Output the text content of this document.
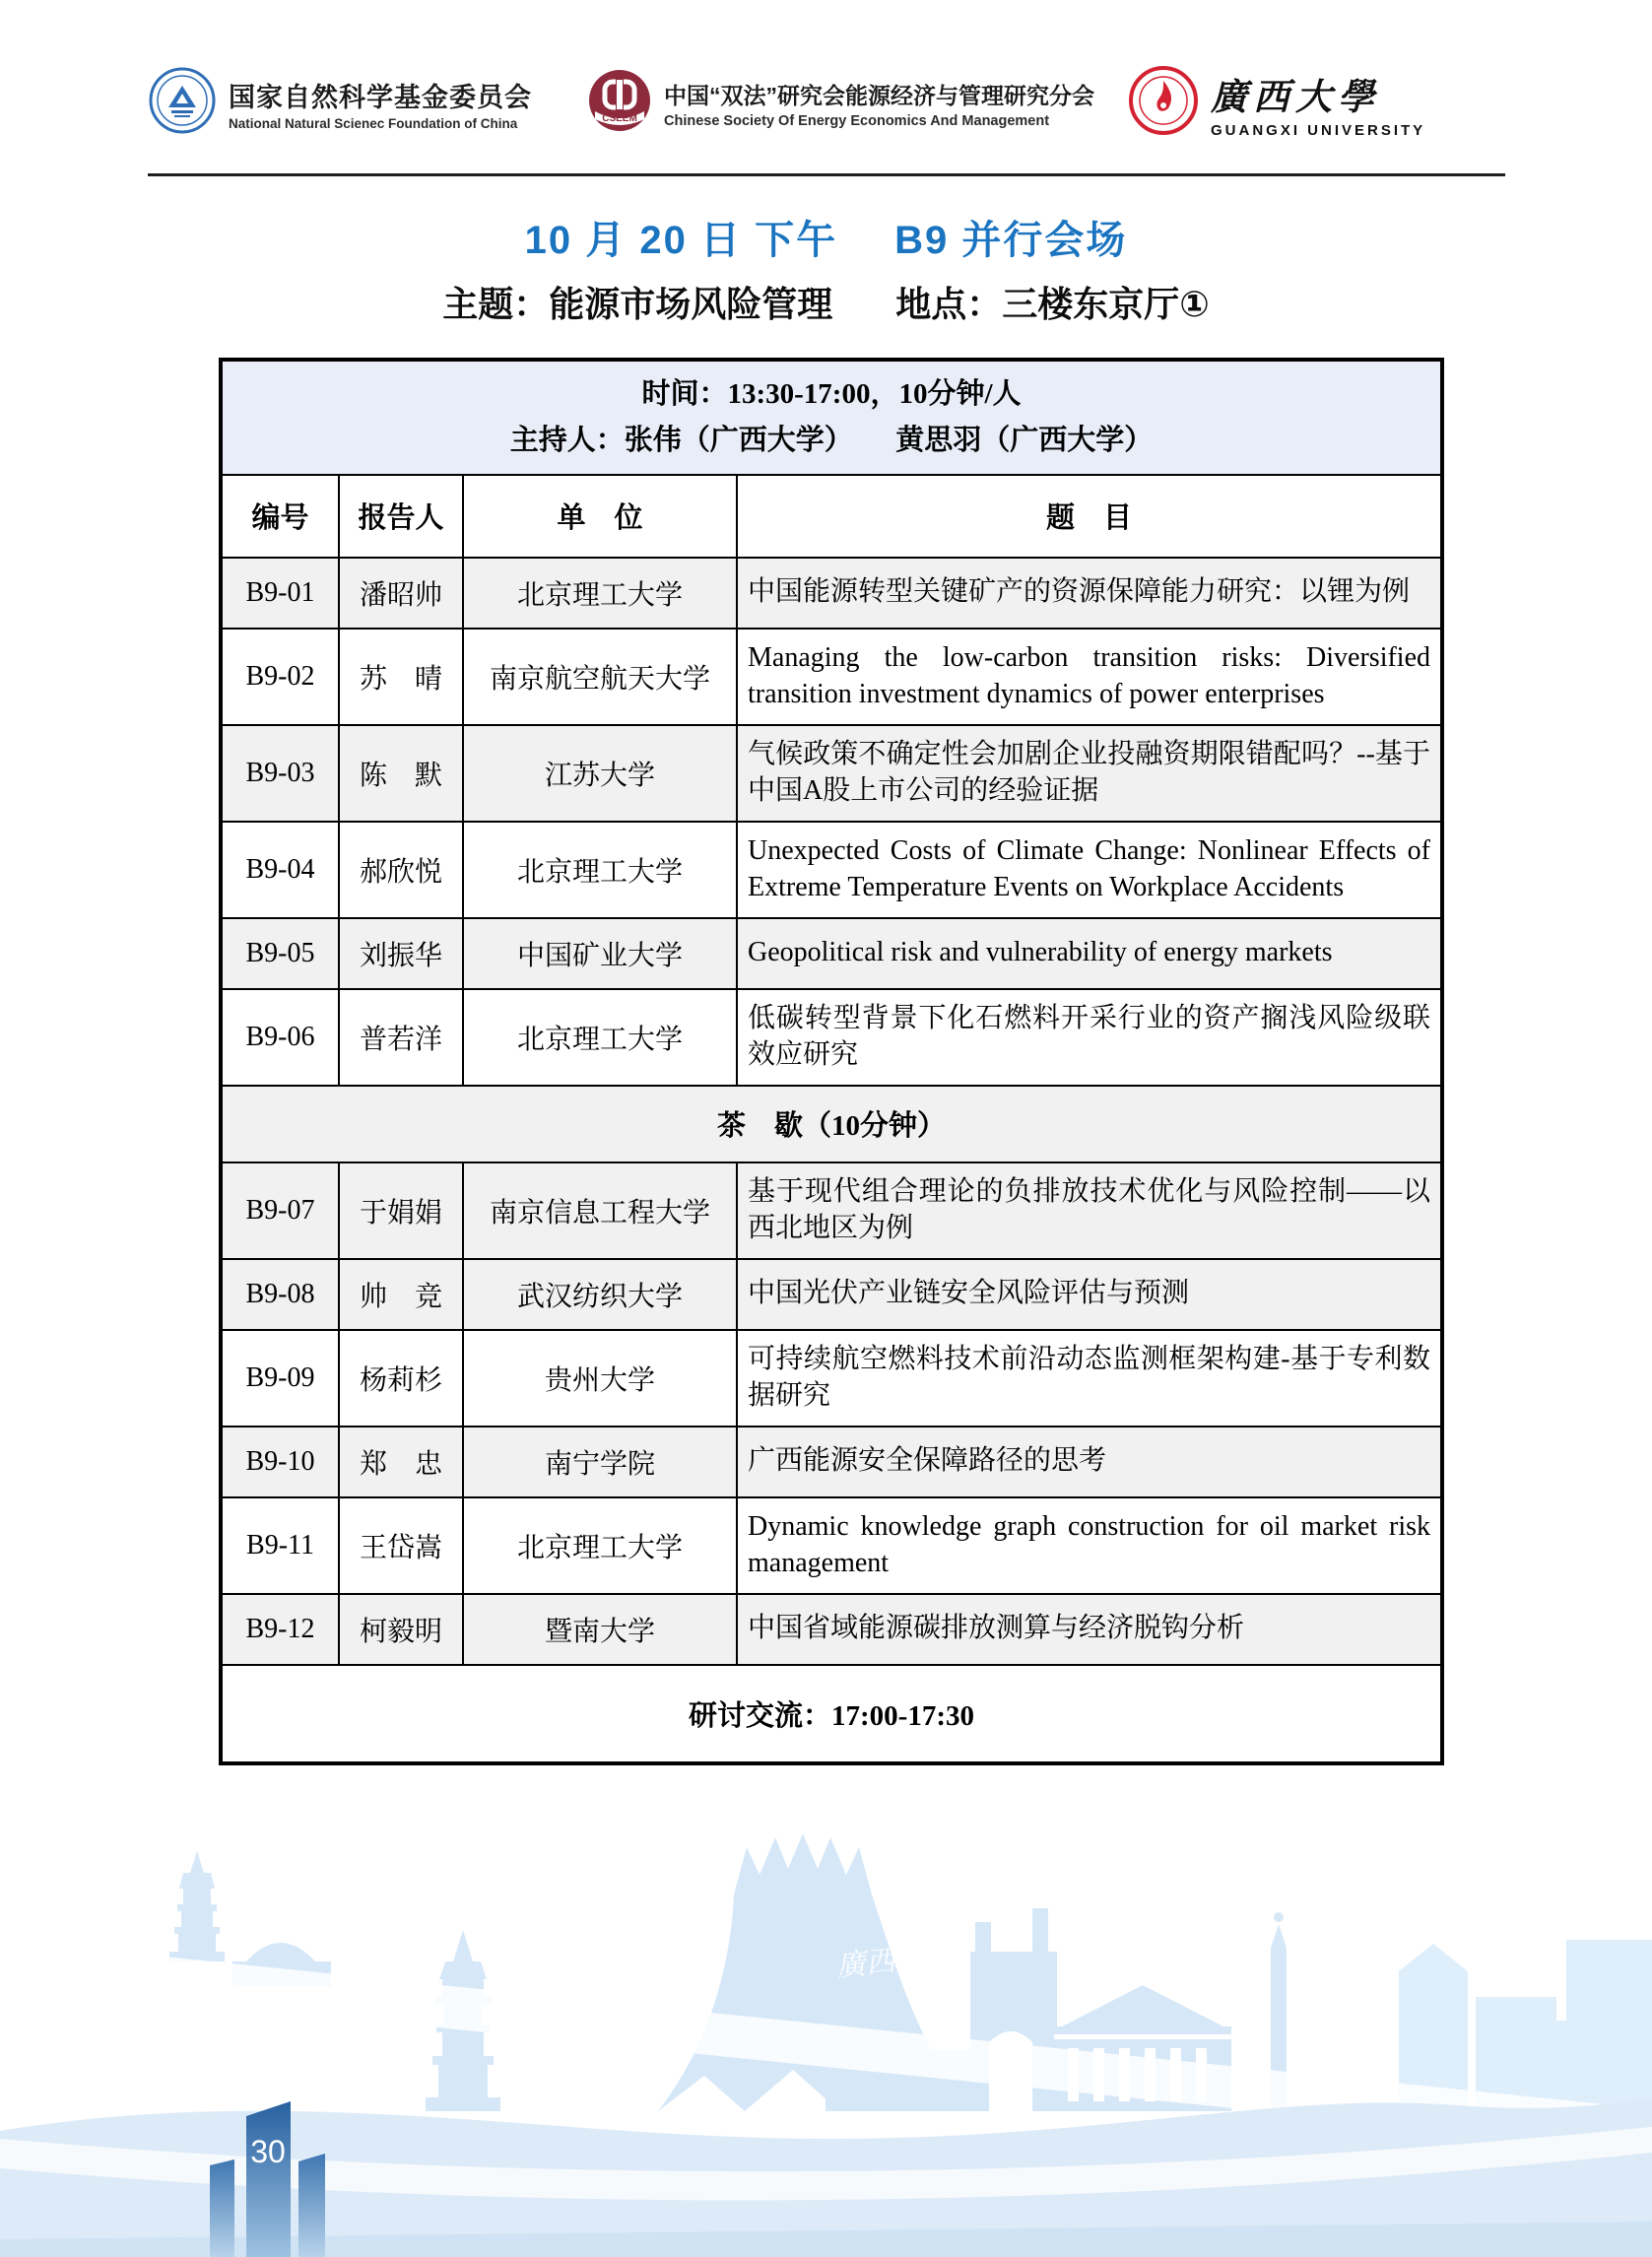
国家自然科学基金委员会
National Natural Scienec Foundation of China	CSEEM
中国“双法”研究会能源经济与管理研究分会
Chinese Society Of Energy Economics And Management
廣西大學
GUANGXI UNIVERSITY
10 月 20 日 下午 B9 并行会场
主题：能源市场风险管理 地点：三楼东京厅①
时间：13:30-17:00，10分钟/人
主持人：张伟（广西大学）　　黄思羽（广西大学）			

编号	报告人	单　位	题　目
B9-01	潘昭帅	北京理工大学	中国能源转型关键矿产的资源保障能力研究：以锂为例
B9-02	苏　晴	南京航空航天大学	Managing the low-carbon transition risks: Diversified transition investment dynamics of power enterprises
B9-03	陈　默	江苏大学	气候政策不确定性会加剧企业投融资期限错配吗？--基于中国A股上市公司的经验证据
B9-04	郝欣悦	北京理工大学	Unexpected Costs of Climate Change: Nonlinear Effects of Extreme Temperature Events on Workplace Accidents
B9-05	刘振华	中国矿业大学	Geopolitical risk and vulnerability of energy markets
B9-06	普若洋	北京理工大学	低碳转型背景下化石燃料开采行业的资产搁浅风险级联效应研究
茶　歇（10分钟）			
B9-07	于娟娟	南京信息工程大学	基于现代组合理论的负排放技术优化与风险控制——以西北地区为例
B9-08	帅　竞	武汉纺织大学	中国光伏产业链安全风险评估与预测
B9-09	杨莉杉	贵州大学	可持续航空燃料技术前沿动态监测框架构建-基于专利数据研究
B9-10	郑　忠	南宁学院	广西能源安全保障路径的思考
B9-11	王岱嵩	北京理工大学	Dynamic knowledge graph construction for oil market risk management
B9-12	柯毅明	暨南大学	中国省域能源碳排放测算与经济脱钩分析
研讨交流：17:00-17:30			
廣西大學
30
